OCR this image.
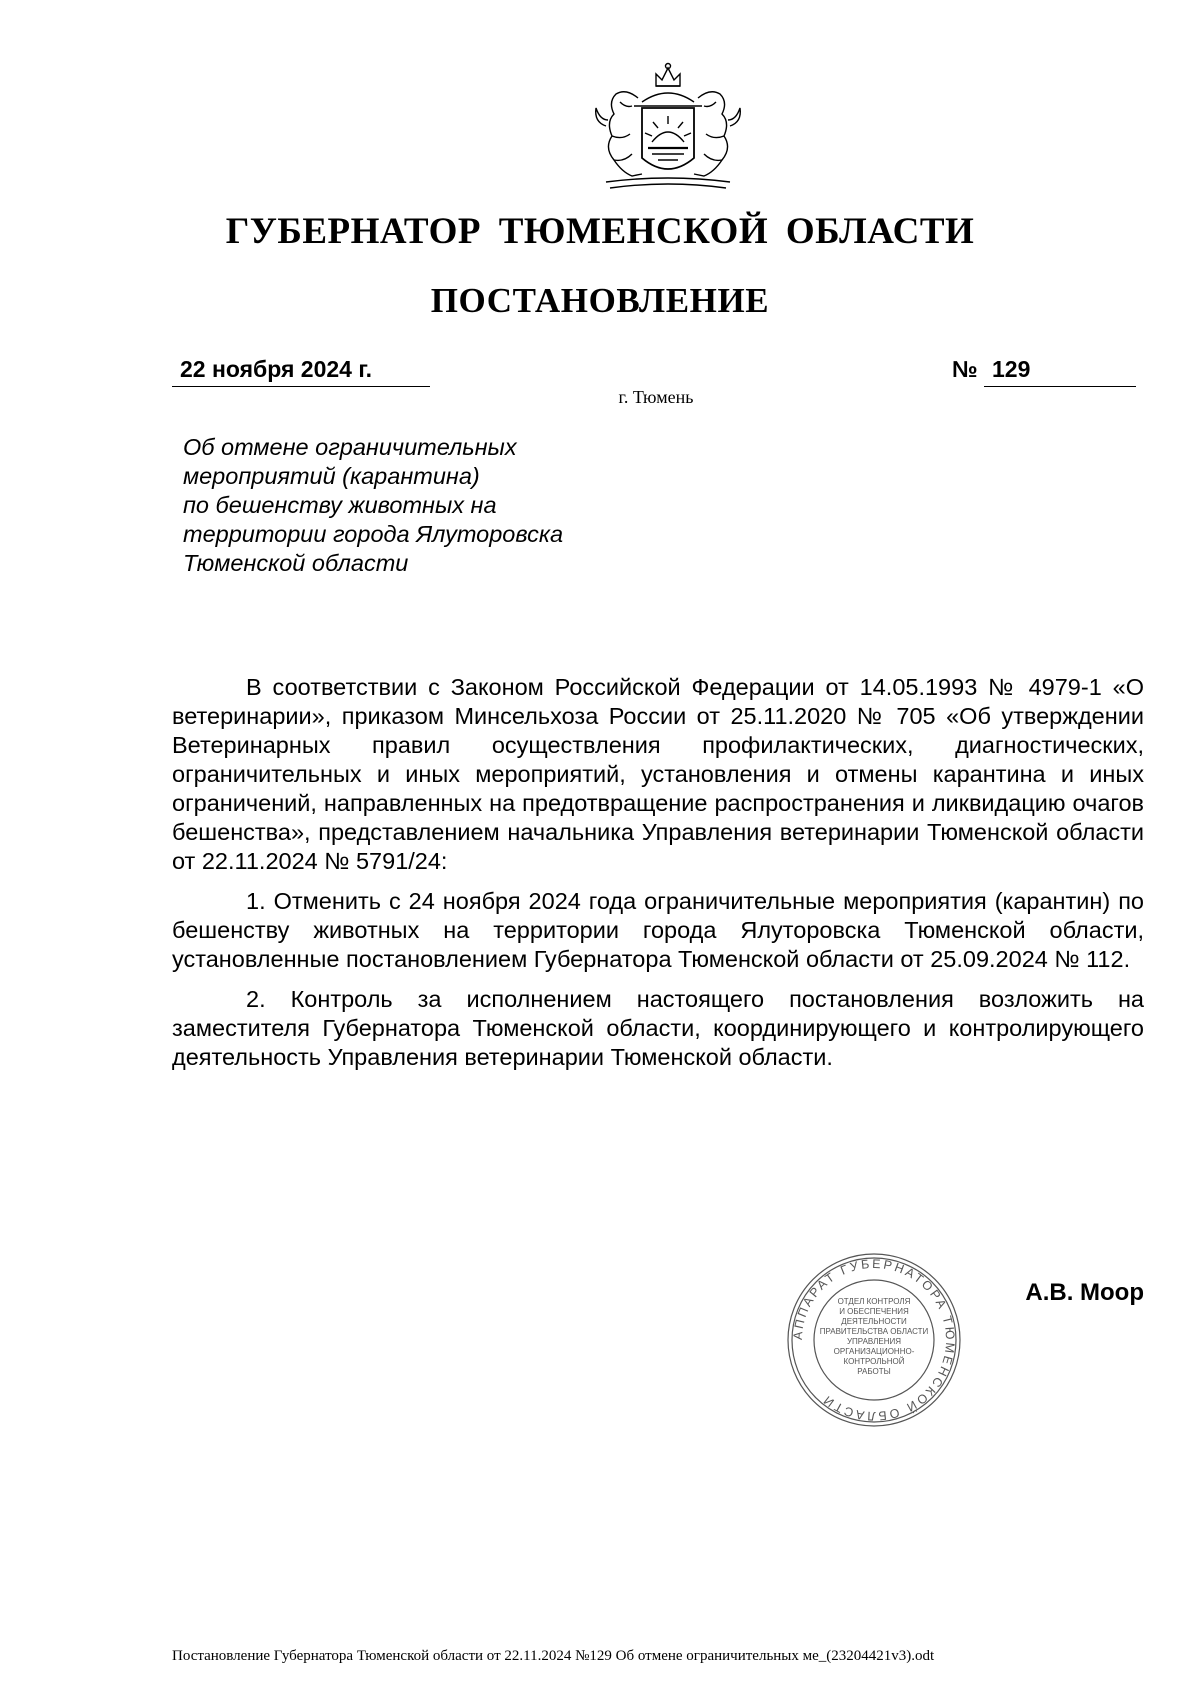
ГУБЕРНАТОР ТЮМЕНСКОЙ ОБЛАСТИ
ПОСТАНОВЛЕНИЕ
22 ноября 2024 г.	№ 129
г. Тюмень
Об отмене ограничительных
мероприятий (карантина)
по бешенству животных на
территории города Ялуторовска
Тюменской области

В соответствии с Законом Российской Федерации от 14.05.1993 № 4979-1 «О ветеринарии», приказом Минсельхоза России от 25.11.2020 № 705 «Об утверждении Ветеринарных правил осуществления профилактических, диагностических, ограничительных и иных мероприятий, установления и отмены карантина и иных ограничений, направленных на предотвращение распространения и ликвидацию очагов бешенства», представлением начальника Управления ветеринарии Тюменской области от 22.11.2024 № 5791/24:

1. Отменить с 24 ноября 2024 года ограничительные мероприятия (карантин) по бешенству животных на территории города Ялуторовска Тюменской области, установленные постановлением Губернатора Тюменской области от 25.09.2024 № 112.

2. Контроль за исполнением настоящего постановления возложить на заместителя Губернатора Тюменской области, координирующего и контролирующего деятельность Управления ветеринарии Тюменской области.

АППАРАТ ГУБЕРНАТОРА ТЮМЕНСКОЙ ОБЛАСТИ
ОТДЕЛ КОНТРОЛЯ
И ОБЕСПЕЧЕНИЯ
ДЕЯТЕЛЬНОСТИ
ПРАВИТЕЛЬСТВА ОБЛАСТИ
УПРАВЛЕНИЯ
ОРГАНИЗАЦИОННО-
КОНТРОЛЬНОЙ
РАБОТЫ
А.В. Моор
Постановление Губернатора Тюменской области от 22.11.2024 №129 Об отмене ограничительных ме_(23204421v3).odt
